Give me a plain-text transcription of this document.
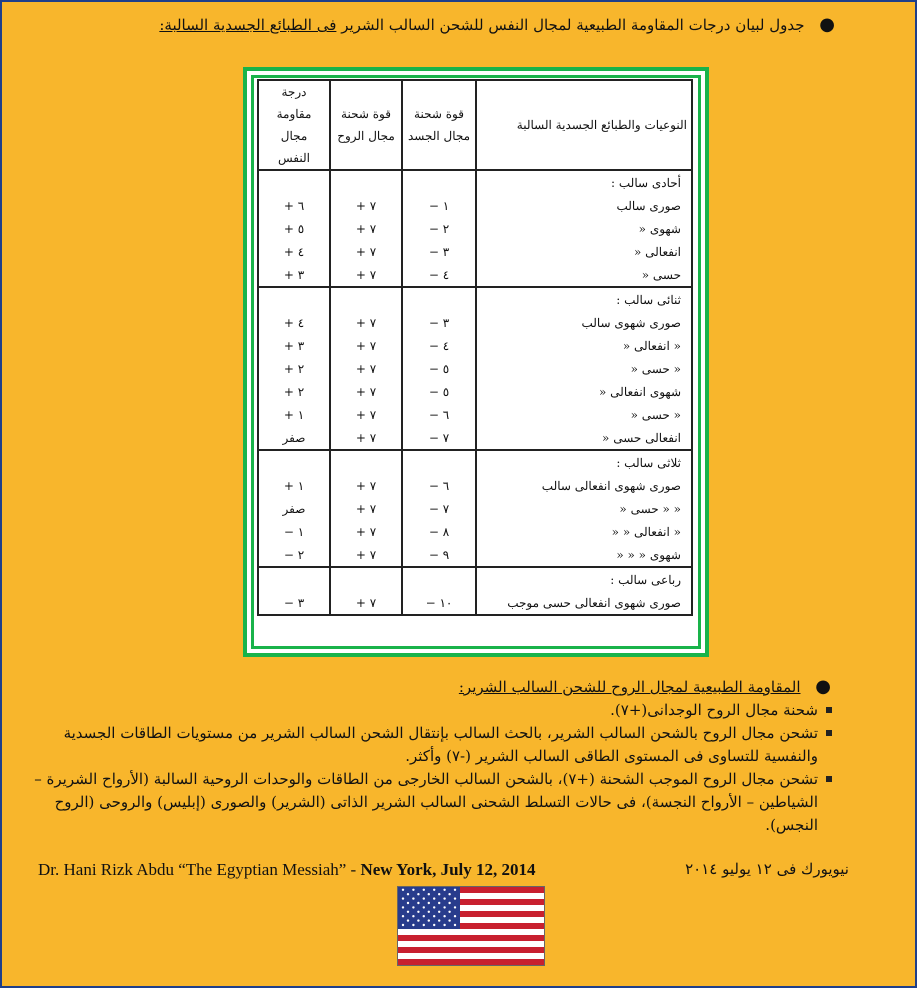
● جدول لبيان درجات المقاومة الطبيعية لمجال النفس للشحن السالب الشرير فى الطبائع الجسدية السالبة:
النوعيات والطبائع الجسدية السالبة	قوة شحنة مجال الجسد	قوة شحنة مجال الروح	درجة مقاومة مجال النفس
أحادى سالب :			
صورى سالب	١ −	٧ +	٦ +
شهوى «	٢ −	٧ +	٥ +
انفعالى «	٣ −	٧ +	٤ +
حسى «	٤ −	٧ +	٣ +
ثنائى سالب :			
صورى شهوى سالب	٣ −	٧ +	٤ +
« انفعالى «	٤ −	٧ +	٣ +
« حسى «	٥ −	٧ +	٢ +
شهوى انفعالى «	٥ −	٧ +	٢ +
« حسى «	٦ −	٧ +	١ +
انفعالى حسى «	٧ −	٧ +	صفر
ثلاثى سالب :			
صورى شهوى انفعالى سالب	٦ −	٧ +	١ +
« « حسى «	٧ −	٧ +	صفر
« انفعالى « «	٨ −	٧ +	١ −
شهوى « « «	٩ −	٧ +	٢ −
رباعى سالب :			
صورى شهوى انفعالى حسى موجب	١٠ −	٧ +	٣ −
● المقاومة الطبيعية لمجال الروح للشحن السالب الشرير:
شحنة مجال الروح الوجدانى(+٧).
تشحن مجال الروح بالشحن السالب الشرير، بالحث السالب بإنتقال الشحن السالب الشرير من مستويات الطاقات الجسدية والنفسية للتساوى فى المستوى الطاقى السالب الشرير (-٧) وأكثر.
تشحن مجال الروح الموجب الشحنة (+٧)، بالشحن السالب الخارجى من الطاقات والوحدات الروحية السالبة (الأرواح الشريرة – الشياطين – الأرواح النجسة)، فى حالات التسلط الشحنى السالب الشرير الذاتى (الشرير) والصورى (إبليس) والروحى (الروح النجس).
Dr. Hani Rizk Abdu “The Egyptian Messiah” - New York, July 12, 2014	نيويورك فى ١٢ يوليو ٢٠١٤
